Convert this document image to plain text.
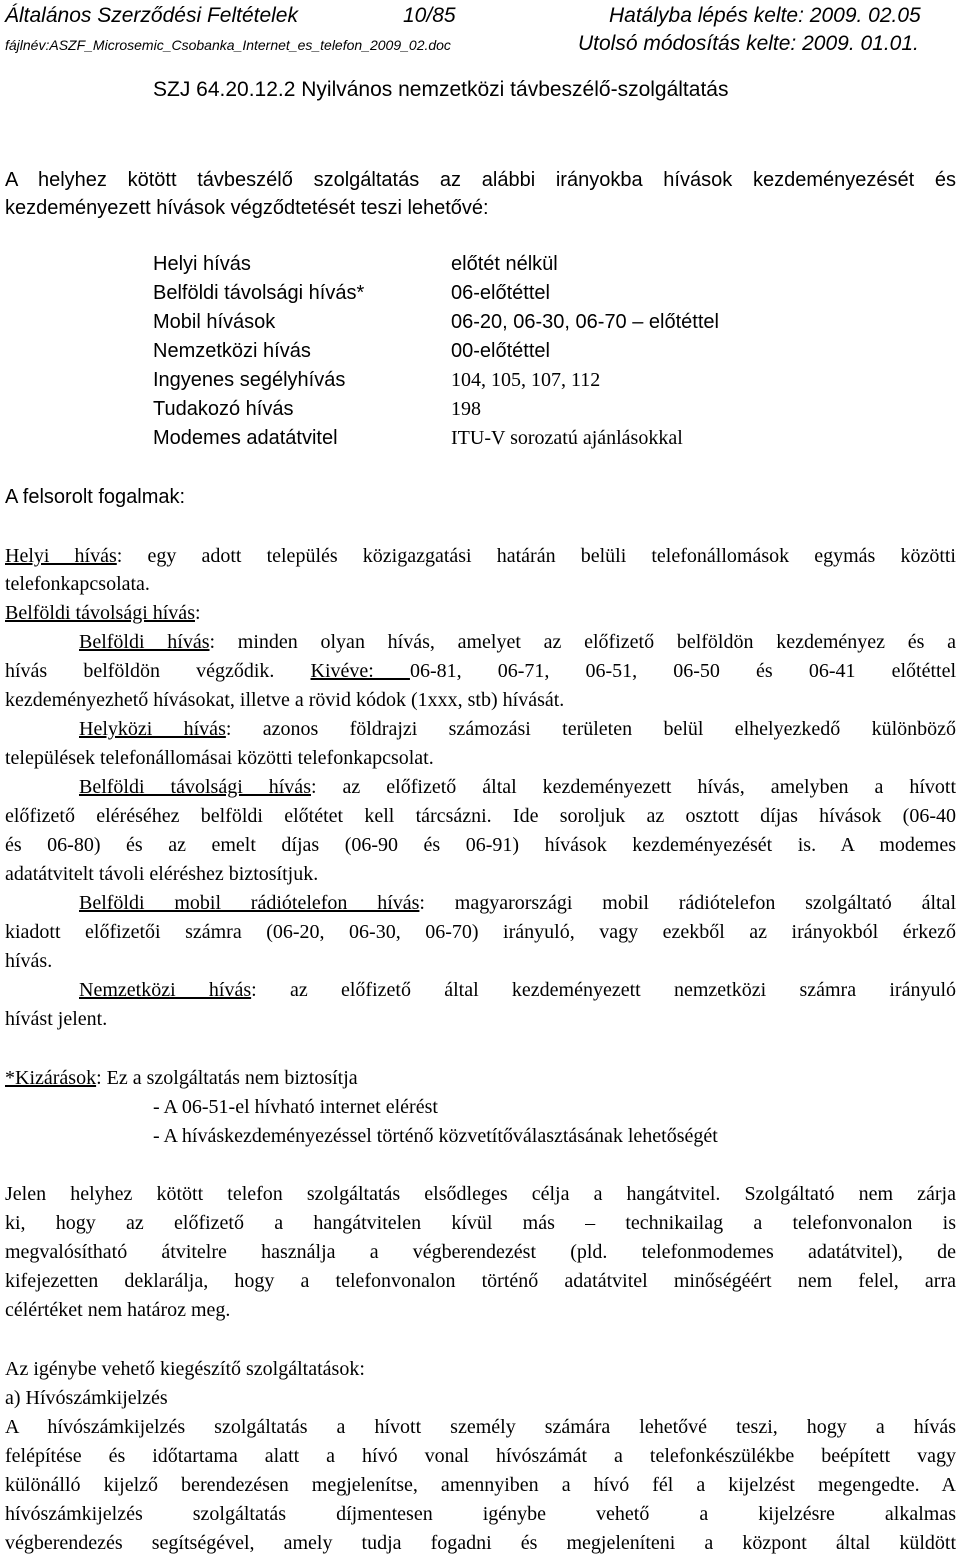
Általános Szerződési Feltételek	10/85	Hatályba lépés kelte: 2009. 02.05
fájlnév:ASZF_Microsemic_Csobanka_Internet_es_telefon_2009_02.doc	Utolsó módosítás kelte: 2009. 01.01.
SZJ 64.20.12.2 Nyilvános nemzetközi távbeszélő-szolgáltatás
A helyhez kötött távbeszélő szolgáltatás az alábbi irányokba hívások kezdeményezését és
kezdeményezett hívások végződtetését teszi lehetővé:
Helyi hívás	előtét nélkül
Belföldi távolsági hívás*	06-előtéttel
Mobil hívások	06-20, 06-30, 06-70 – előtéttel
Nemzetközi hívás	00-előtéttel
Ingyenes segélyhívás	104, 105, 107, 112
Tudakozó hívás	198
Modemes adatátvitel	ITU-V sorozatú ajánlásokkal
A felsorolt fogalmak:
Helyi hívás: egy adott település közigazgatási határán belüli telefonállomások egymás közötti
telefonkapcsolata.
Belföldi távolsági hívás:
Belföldi hívás: minden olyan hívás, amelyet az előfizető belföldön kezdeményez és a
hívás belföldön végződik. Kivéve: 06-81, 06-71, 06-51, 06-50 és 06-41 előtéttel
kezdeményezhető hívásokat, illetve a rövid kódok (1xxx, stb) hívását.
Helyközi hívás: azonos földrajzi számozási területen belül elhelyezkedő különböző
települések telefonállomásai közötti telefonkapcsolat.
Belföldi távolsági hívás: az előfizető által kezdeményezett hívás, amelyben a hívott
előfizető eléréséhez belföldi előtétet kell tárcsázni. Ide soroljuk az osztott díjas hívások (06-40
és 06-80) és az emelt díjas (06-90 és 06-91) hívások kezdeményezését is. A modemes
adatátvitelt távoli eléréshez biztosítjuk.
Belföldi mobil rádiótelefon hívás: magyarországi mobil rádiótelefon szolgáltató által
kiadott előfizetői számra (06-20, 06-30, 06-70) irányuló, vagy ezekből az irányokból érkező
hívás.
Nemzetközi hívás: az előfizető által kezdeményezett nemzetközi számra irányuló
hívást jelent.
*Kizárások: Ez a szolgáltatás nem biztosítja
- A 06-51-el hívható internet elérést
- A híváskezdeményezéssel történő közvetítőválasztásának lehetőségét
Jelen helyhez kötött telefon szolgáltatás elsődleges célja a hangátvitel. Szolgáltató nem zárja
ki, hogy az előfizető a hangátvitelen kívül más – technikailag a telefonvonalon is
megvalósítható átvitelre használja a végberendezést (pld. telefonmodemes adatátvitel), de
kifejezetten deklarálja, hogy a telefonvonalon történő adatátvitel minőségéért nem felel, arra
célértéket nem határoz meg.
Az igénybe vehető kiegészítő szolgáltatások:
a) Hívószámkijelzés
A hívószámkijelzés szolgáltatás a hívott személy számára lehetővé teszi, hogy a hívás
felépítése és időtartama alatt a hívó vonal hívószámát a telefonkészülékbe beépített vagy
különálló kijelző berendezésen megjelenítse, amennyiben a hívó fél a kijelzést megengedte. A
hívószámkijelzés szolgáltatás díjmentesen igénybe vehető a kijelzésre alkalmas
végberendezés segítségével, amely tudja fogadni és megjeleníteni a központ által küldött
